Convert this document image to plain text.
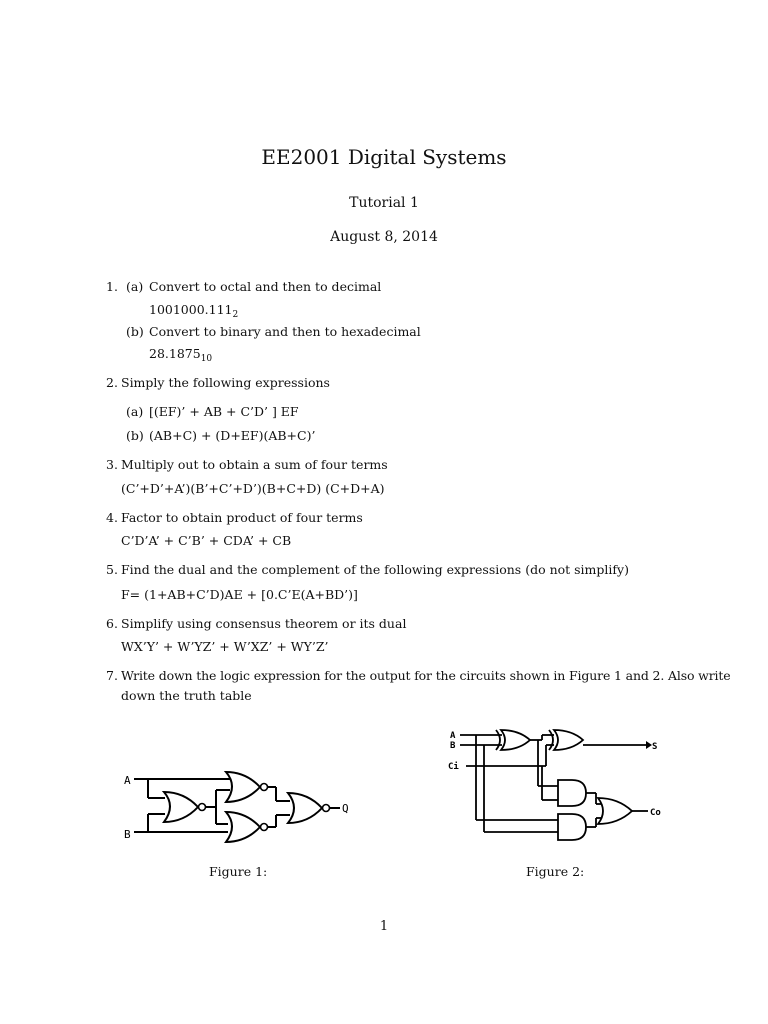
EE2001 Digital Systems
Tutorial 1
August 8, 2014
1. (a) Convert to octal and then to decimal
$1001000.111_2$
(b) Convert to binary and then to hexadecimal
$28.1875_{10}$
2. Simply the following expressions
(a) [(EF)’ + AB + C’D’ ] EF
(b) (AB+C) + (D+EF)(AB+C)’
3. Multiply out to obtain a sum of four terms
(C’+D’+A’)(B’+C’+D’)(B+C+D) (C+D+A)
4. Factor to obtain product of four terms
C’D’A’ + C’B’ + CDA’ + CB
5. Find the dual and the complement of the following expressions (do not simplify)
F= (1+AB+C’D)AE + [0.C’E(A+BD’)]
6. Simplify using consensus theorem or its dual
WX’Y’ + W’YZ’ + W’XZ’ + WY’Z’
7. Write down the logic expression for the output for the circuits shown in Figure 1 and 2. Also write
down the truth table
A
B
Q
A
B
Ci
S
Co
Figure 1:	Figure 2:
1
